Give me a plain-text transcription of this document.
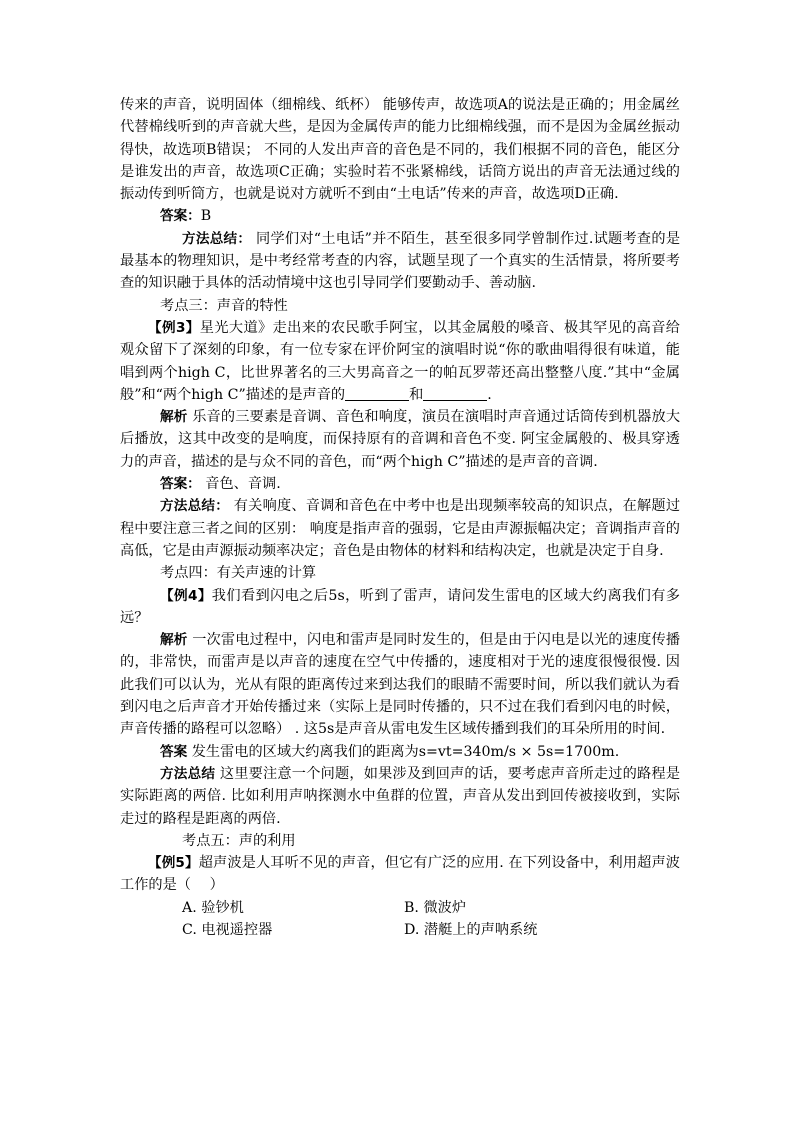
传来的声音，说明固体（细棉线、纸杯） 能够传声，故选项A的说法是正确的；用金属丝代替棉线听到的声音就大些，是因为金属传声的能力比细棉线强，而不是因为金属丝振动得快，故选项B错误； 不同的人发出声音的音色是不同的，我们根据不同的音色，能区分是谁发出的声音，故选项C正确；实验时若不张紧棉线，话筒方说出的声音无法通过线的振动传到听筒方，也就是说对方就听不到由“土电话”传来的声音，故选项D正确.

答案：B

方法总结： 同学们对“土电话”并不陌生，甚至很多同学曾制作过.试题考查的是最基本的物理知识，是中考经常考查的内容，试题呈现了一个真实的生活情景，将所要考查的知识融于具体的活动情境中这也引导同学们要勤动手、善动脑.

考点三：声音的特性

【例3】星光大道》走出来的农民歌手阿宝，以其金属般的嗓音、极其罕见的高音给观众留下了深刻的印象，有一位专家在评价阿宝的演唱时说“你的歌曲唱得很有味道，能唱到两个high C，比世界著名的三大男高音之一的帕瓦罗蒂还高出整整八度.”其中“金属般”和“两个high C”描述的是声音的	和	.

解析 乐音的三要素是音调、音色和响度，演员在演唱时声音通过话筒传到机器放大后播放，这其中改变的是响度，而保持原有的音调和音色不变. 阿宝金属般的、极具穿透力的声音，描述的是与众不同的音色，而“两个high C”描述的是声音的音调.

答案： 音色、音调.

方法总结： 有关响度、音调和音色在中考中也是出现频率较高的知识点，在解题过程中要注意三者之间的区别： 响度是指声音的强弱，它是由声源振幅决定；音调指声音的高低，它是由声源振动频率决定；音色是由物体的材料和结构决定，也就是决定于自身.

考点四：有关声速的计算

【例4】我们看到闪电之后5s，听到了雷声，请问发生雷电的区域大约离我们有多远？

解析 一次雷电过程中，闪电和雷声是同时发生的，但是由于闪电是以光的速度传播的，非常快，而雷声是以声音的速度在空气中传播的，速度相对于光的速度很慢很慢. 因此我们可以认为，光从有限的距离传过来到达我们的眼睛不需要时间，所以我们就认为看到闪电之后声音才开始传播过来（实际上是同时传播的，只不过在我们看到闪电的时候，声音传播的路程可以忽略） . 这5s是声音从雷电发生区域传播到我们的耳朵所用的时间.

答案 发生雷电的区域大约离我们的距离为s=vt=340m/s × 5s=1700m.

方法总结 这里要注意一个问题，如果涉及到回声的话，要考虑声音所走过的路程是实际距离的两倍. 比如利用声呐探测水中鱼群的位置，声音从发出到回传被接收到，实际走过的路程是距离的两倍.

考点五：声的利用

【例5】超声波是人耳听不见的声音，但它有广泛的应用. 在下列设备中，利用超声波工作的是（　 ）

A. 验钞机	B. 微波炉
C. 电视遥控器	D. 潜艇上的声呐系统
